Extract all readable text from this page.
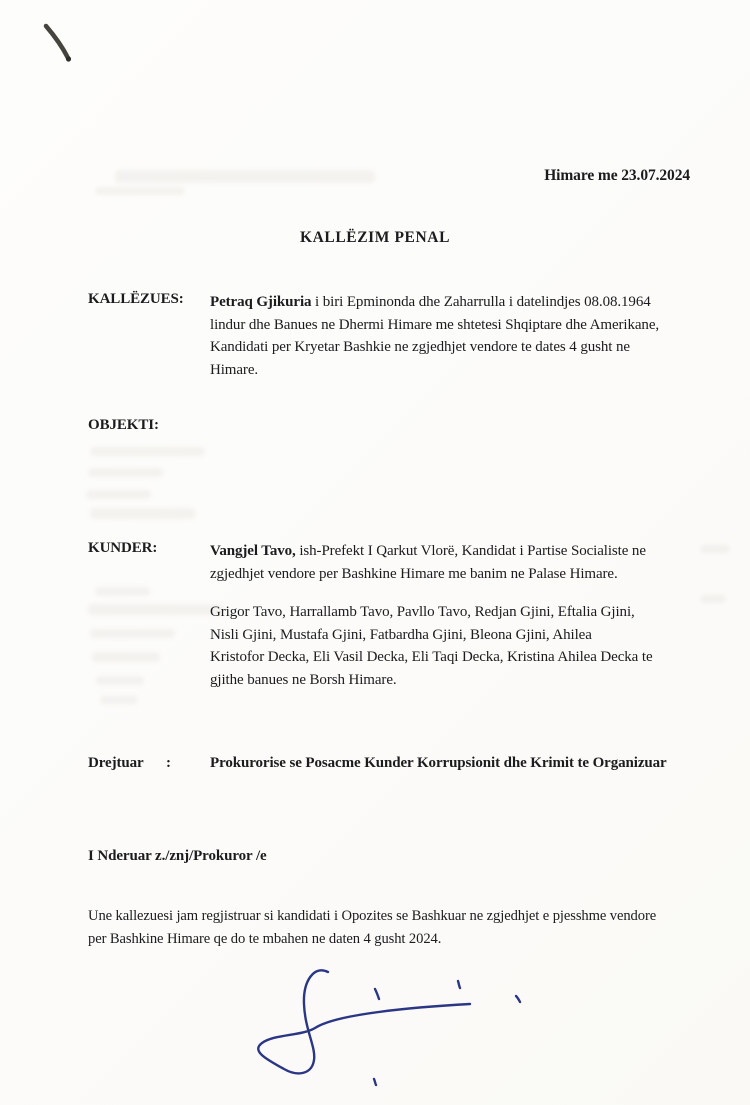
Himare me 23.07.2024
KALLËZIM PENAL
KALLËZUES: Petraq Gjikuria i biri Epminonda dhe Zaharrulla i datelindjes 08.08.1964
lindur dhe Banues ne Dhermi Himare me shtetesi Shqiptare dhe Amerikane,
Kandidati per Kryetar Bashkie ne zgjedhjet vendore te dates 4 gusht ne
Himare.
OBJEKTI:
KUNDER:	Vangjel Tavo, ish-Prefekt I Qarkut Vlorë, Kandidat i Partise Socialiste ne
zgjedhjet vendore per Bashkine Himare me banim ne Palase Himare.
Grigor Tavo, Harrallamb Tavo, Pavllo Tavo, Redjan Gjini, Eftalia Gjini,
Nisli Gjini, Mustafa Gjini, Fatbardha Gjini, Bleona Gjini, Ahilea
Kristofor Decka, Eli Vasil Decka, Eli Taqi Decka, Kristina Ahilea Decka te
gjithe banues ne Borsh Himare.
Drejtuar :	Prokurorise se Posacme Kunder Korrupsionit dhe Krimit te Organizuar
I Nderuar z./znj/Prokuror /e
Une kallezuesi jam regjistruar si kandidati i Opozites se Bashkuar ne zgjedhjet e pjesshme vendore
per Bashkine Himare qe do te mbahen ne daten 4 gusht 2024.
